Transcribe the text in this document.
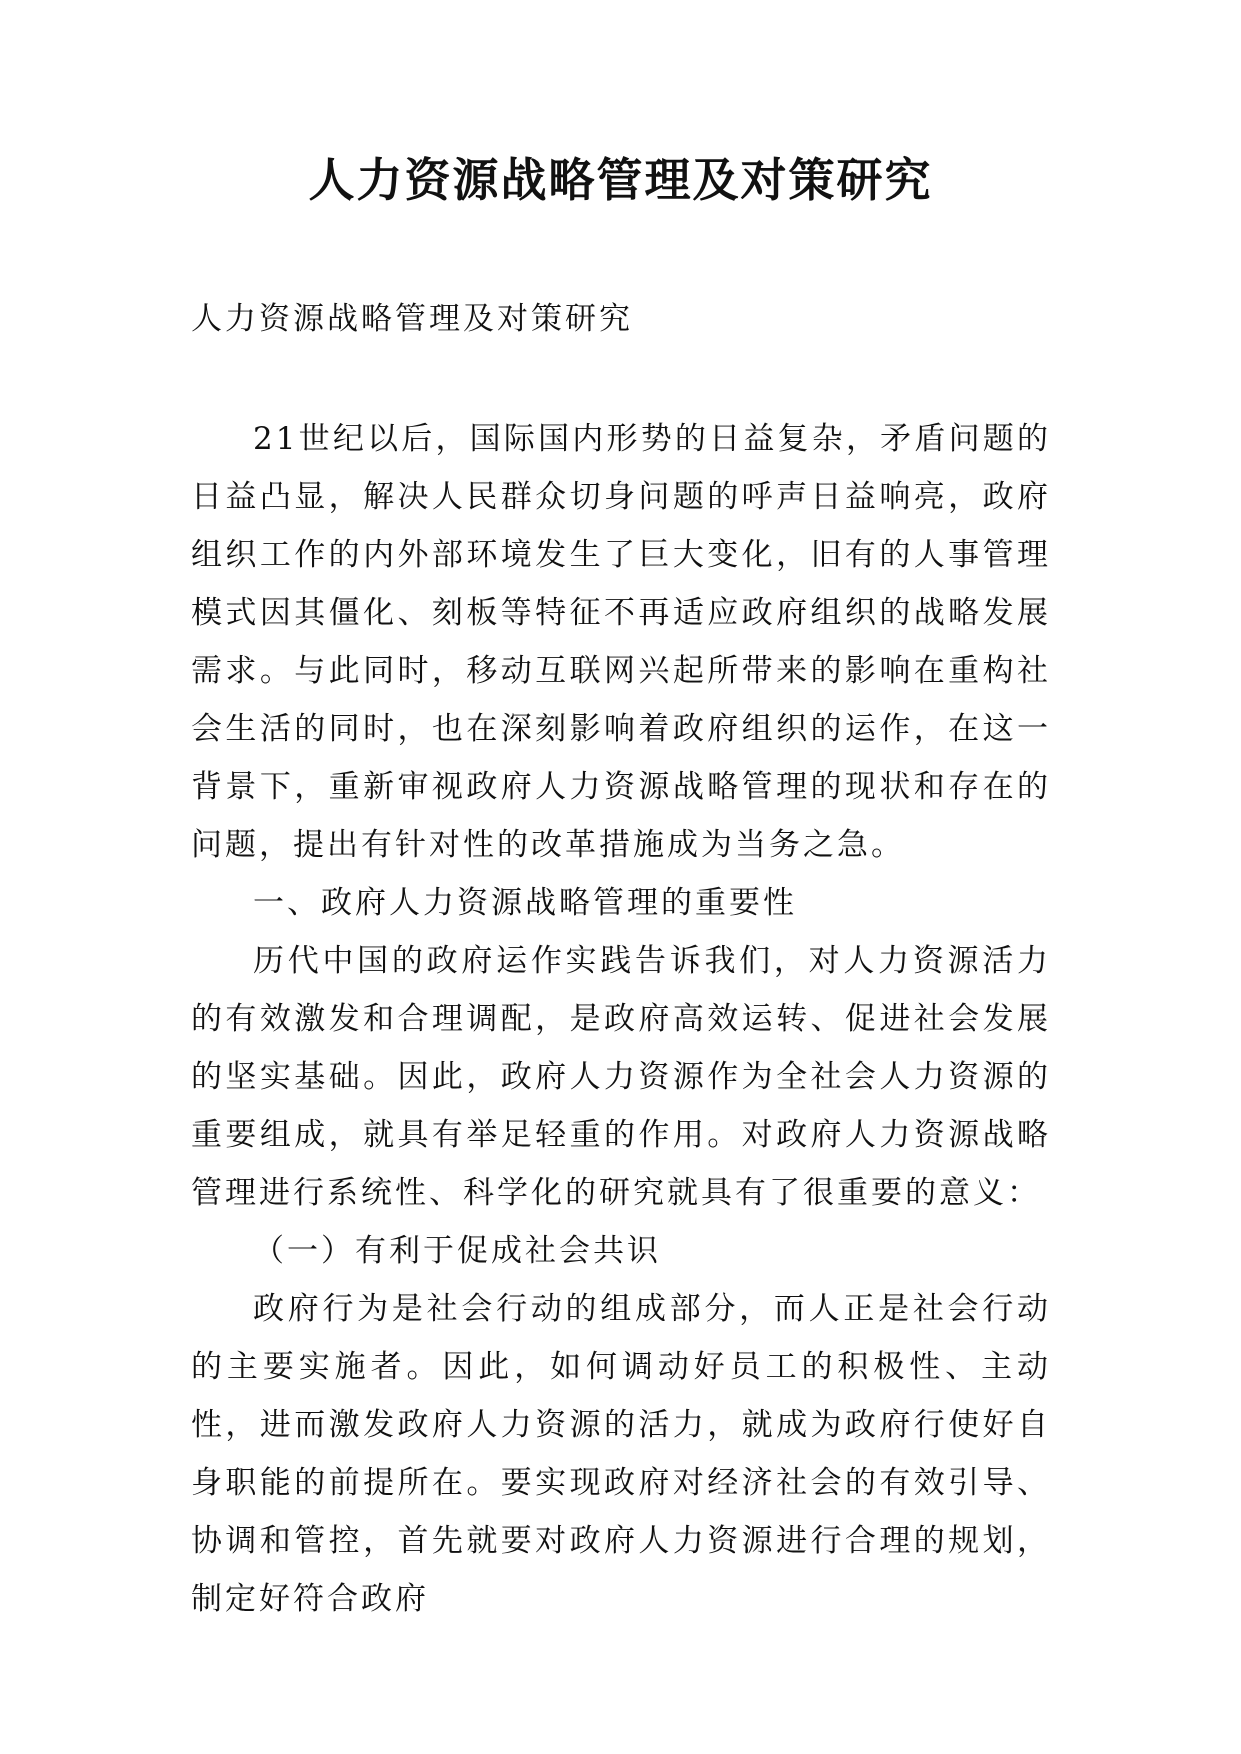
人力资源战略管理及对策研究

人力资源战略管理及对策研究

21世纪以后，国际国内形势的日益复杂，矛盾问题的日益凸显，解决人民群众切身问题的呼声日益响亮，政府组织工作的内外部环境发生了巨大变化，旧有的人事管理模式因其僵化、刻板等特征不再适应政府组织的战略发展需求。与此同时，移动互联网兴起所带来的影响在重构社会生活的同时，也在深刻影响着政府组织的运作，在这一背景下，重新审视政府人力资源战略管理的现状和存在的问题，提出有针对性的改革措施成为当务之急。

一、政府人力资源战略管理的重要性

历代中国的政府运作实践告诉我们，对人力资源活力的有效激发和合理调配，是政府高效运转、促进社会发展的坚实基础。因此，政府人力资源作为全社会人力资源的重要组成，就具有举足轻重的作用。对政府人力资源战略管理进行系统性、科学化的研究就具有了很重要的意义：

（一）有利于促成社会共识

政府行为是社会行动的组成部分，而人正是社会行动的主要实施者。因此，如何调动好员工的积极性、主动性，进而激发政府人力资源的活力，就成为政府行使好自身职能的前提所在。要实现政府对经济社会的有效引导、协调和管控，首先就要对政府人力资源进行合理的规划，制定好符合政府
